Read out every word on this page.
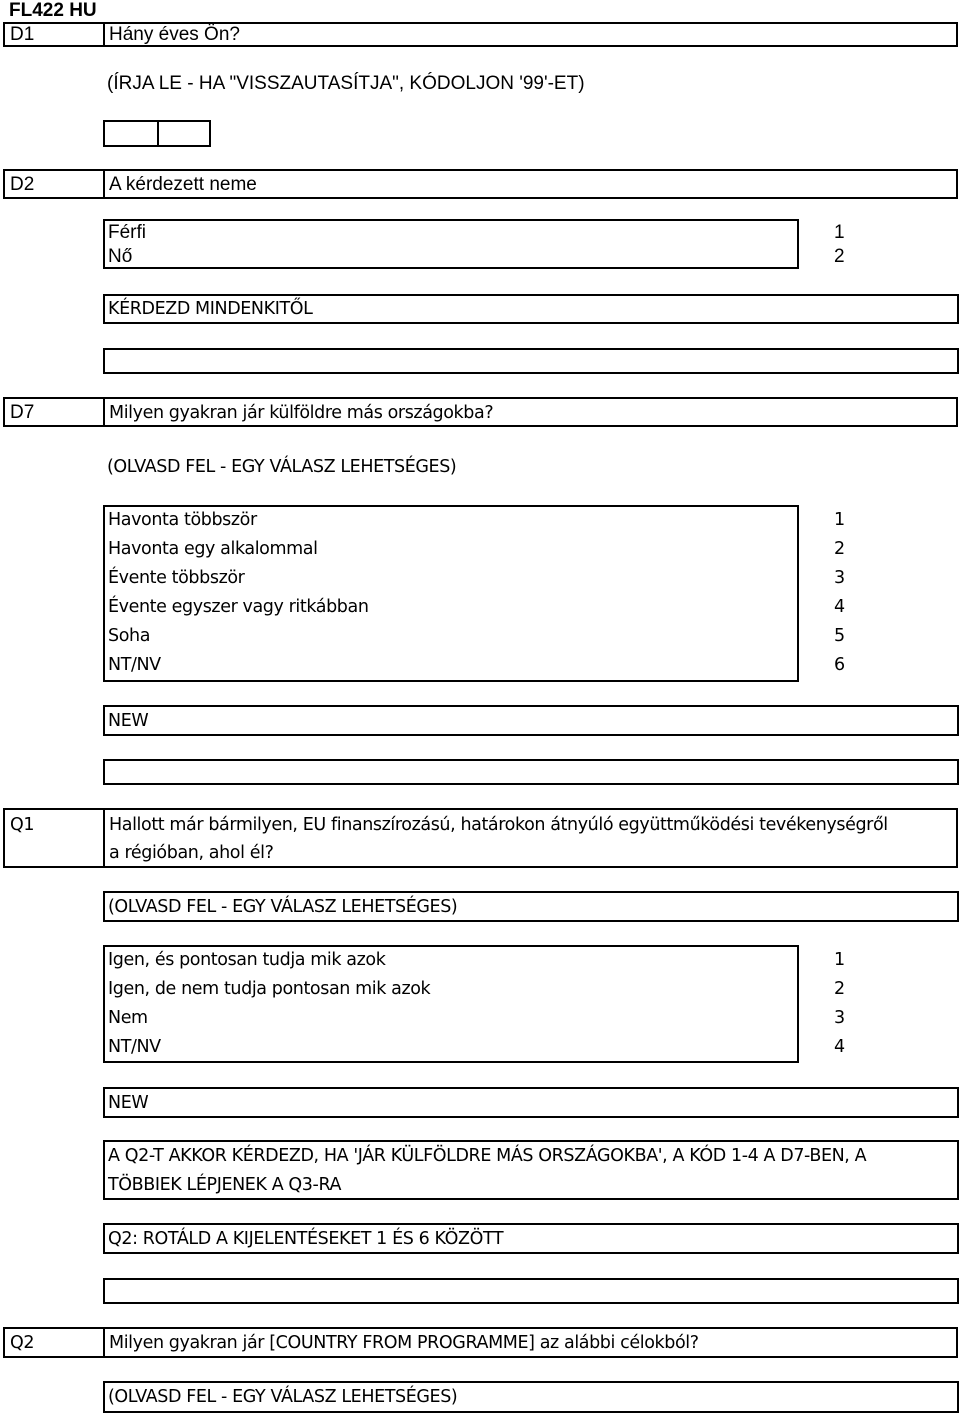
FL422 HU
D1	Hány éves Ön?
(ÍRJA LE - HA "VISSZAUTASÍTJA", KÓDOLJON '99'-ET)
D2	A kérdezett neme
Férfi	1
Nő	2
KÉRDEZD MINDENKITŐL
D7	Milyen gyakran jár külföldre más országokba?
(OLVASD FEL - EGY VÁLASZ LEHETSÉGES)
Havonta többször	1
Havonta egy alkalommal	2
Évente többször	3
Évente egyszer vagy ritkábban	4
Soha	5
NT/NV	6
NEW
Q1	Hallott már bármilyen, EU finanszírozású, határokon átnyúló együttműködési tevékenységről
a régióban, ahol él?
(OLVASD FEL - EGY VÁLASZ LEHETSÉGES)
Igen, és pontosan tudja mik azok	1
Igen, de nem tudja pontosan mik azok	2
Nem	3
NT/NV	4
NEW
A Q2-T AKKOR KÉRDEZD, HA 'JÁR KÜLFÖLDRE MÁS ORSZÁGOKBA', A KÓD 1-4 A D7-BEN, A
TÖBBIEK LÉPJENEK A Q3-RA
Q2: ROTÁLD A KIJELENTÉSEKET 1 ÉS 6 KÖZÖTT
Q2	Milyen gyakran jár [COUNTRY FROM PROGRAMME] az alábbi célokból?
(OLVASD FEL - EGY VÁLASZ LEHETSÉGES)
